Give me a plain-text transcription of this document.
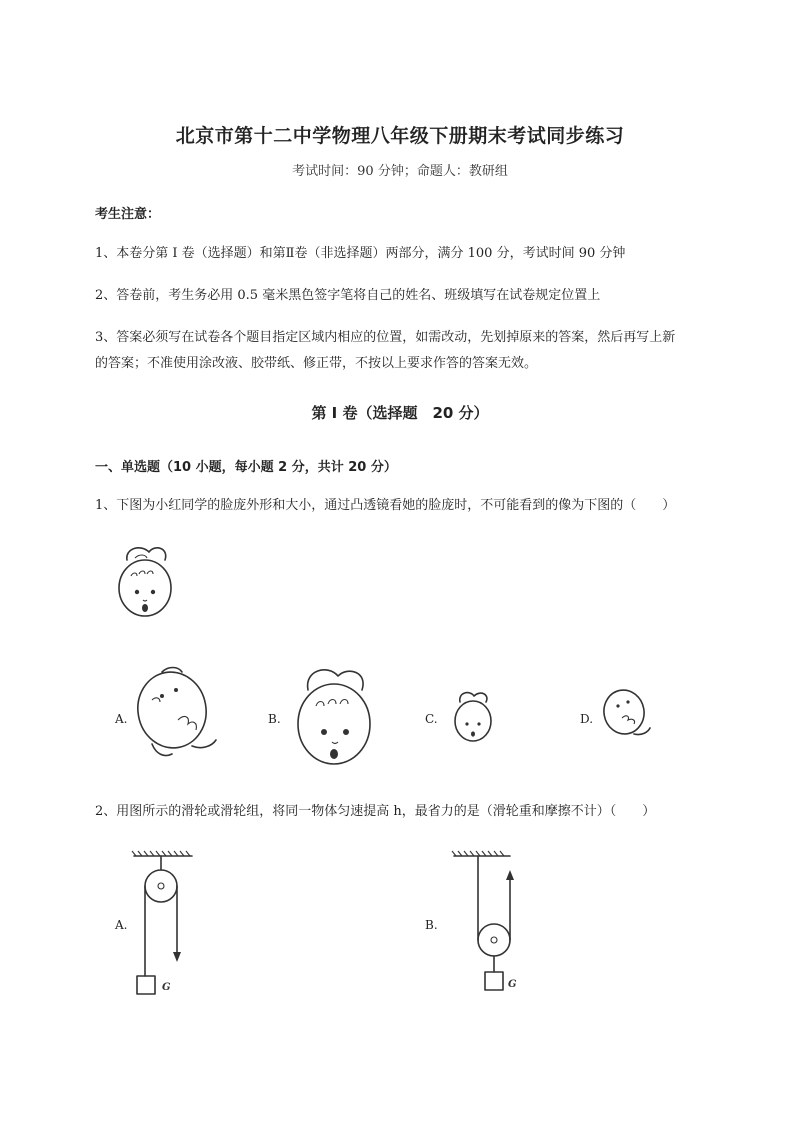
北京市第十二中学物理八年级下册期末考试同步练习
考试时间：90 分钟；命题人：教研组
考生注意：
1、本卷分第 I 卷（选择题）和第Ⅱ卷（非选择题）两部分，满分 100 分，考试时间 90 分钟
2、答卷前，考生务必用 0.5 毫米黑色签字笔将自己的姓名、班级填写在试卷规定位置上
3、答案必须写在试卷各个题目指定区域内相应的位置，如需改动，先划掉原来的答案，然后再写上新
的答案；不准使用涂改液、胶带纸、修正带，不按以上要求作答的答案无效。
第 I 卷（选择题　20 分）
一、单选题（10 小题，每小题 2 分，共计 20 分）
1、下图为小红同学的脸庞外形和大小，通过凸透镜看她的脸庞时，不可能看到的像为下图的（　　）
A.	B.	C.	D.
2、用图所示的滑轮或滑轮组，将同一物体匀速提高 h，最省力的是（滑轮重和摩擦不计）（　　）
A.
G
B.
G
